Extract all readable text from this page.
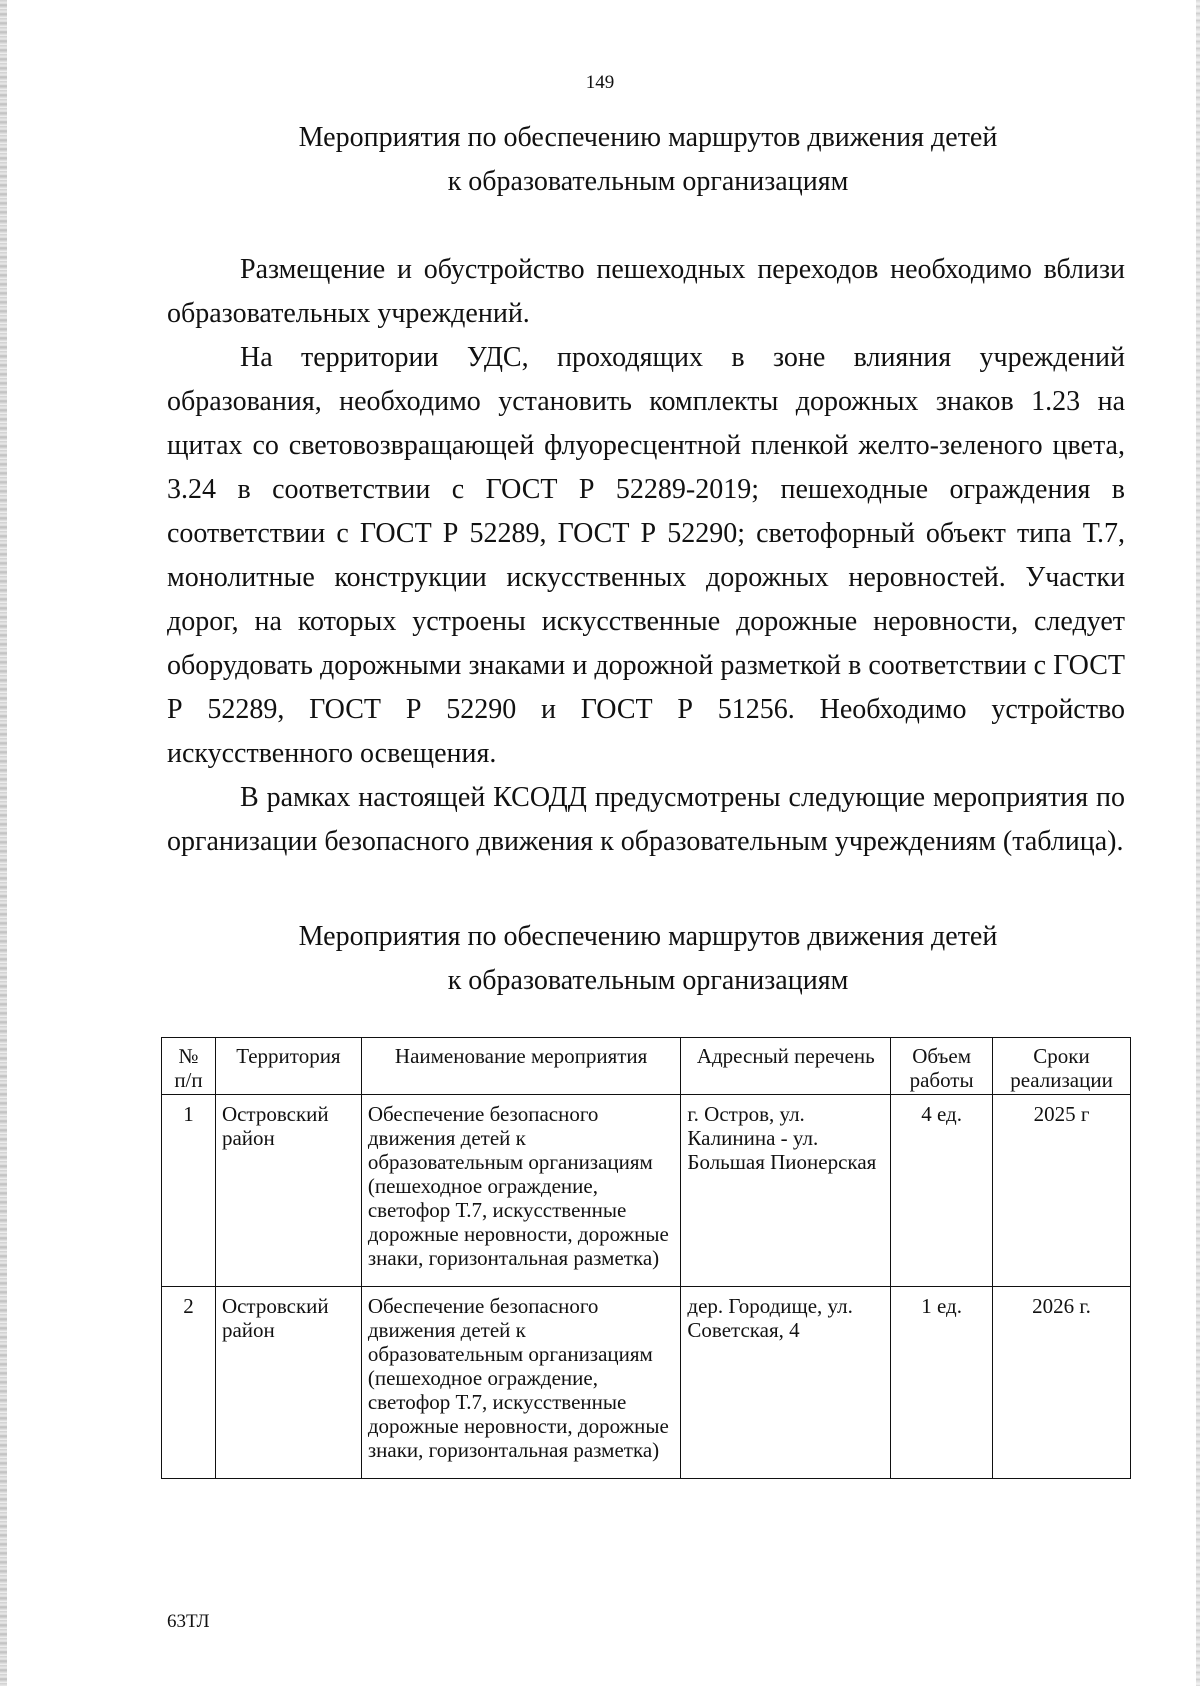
149
Мероприятия по обеспечению маршрутов движения детей
к образовательным организациям

Размещение и обустройство пешеходных переходов необходимо вблизи образовательных учреждений.

На территории УДС, проходящих в зоне влияния учреждений образования, необходимо установить комплекты дорожных знаков 1.23 на щитах со световозвращающей флуоресцентной пленкой желто-зеленого цвета, 3.24 в соответствии с ГОСТ Р 52289-2019; пешеходные ограждения в соответствии с ГОСТ Р 52289, ГОСТ Р 52290; светофорный объект типа Т.7, монолитные конструкции искусственных дорожных неровностей. Участки дорог, на которых устроены искусственные дорожные неровности, следует оборудовать дорожными знаками и дорожной разметкой в соответствии с ГОСТ Р 52289, ГОСТ Р 52290 и ГОСТ Р 51256. Необходимо устройство искусственного освещения.

В рамках настоящей КСОДД предусмотрены следующие мероприятия по организации безопасного движения к образовательным учреждениям (таблица).

Мероприятия по обеспечению маршрутов движения детей
к образовательным организациям
№ п/п	Территория	Наименование мероприятия	Адресный перечень	Объем работы	Сроки реализации
1	Островский район	Обеспечение безопасного движения детей к образовательным организациям (пешеходное ограждение, светофор Т.7, искусственные дорожные неровности, дорожные знаки, горизонтальная разметка)	г. Остров, ул. Калинина - ул. Большая Пионерская	4 ед.	2025 г
2	Островский район	Обеспечение безопасного движения детей к образовательным организациям (пешеходное ограждение, светофор Т.7, искусственные дорожные неровности, дорожные знаки, горизонтальная разметка)	дер. Городище, ул. Советская, 4	1 ед.	2026 г.
63ТЛ
